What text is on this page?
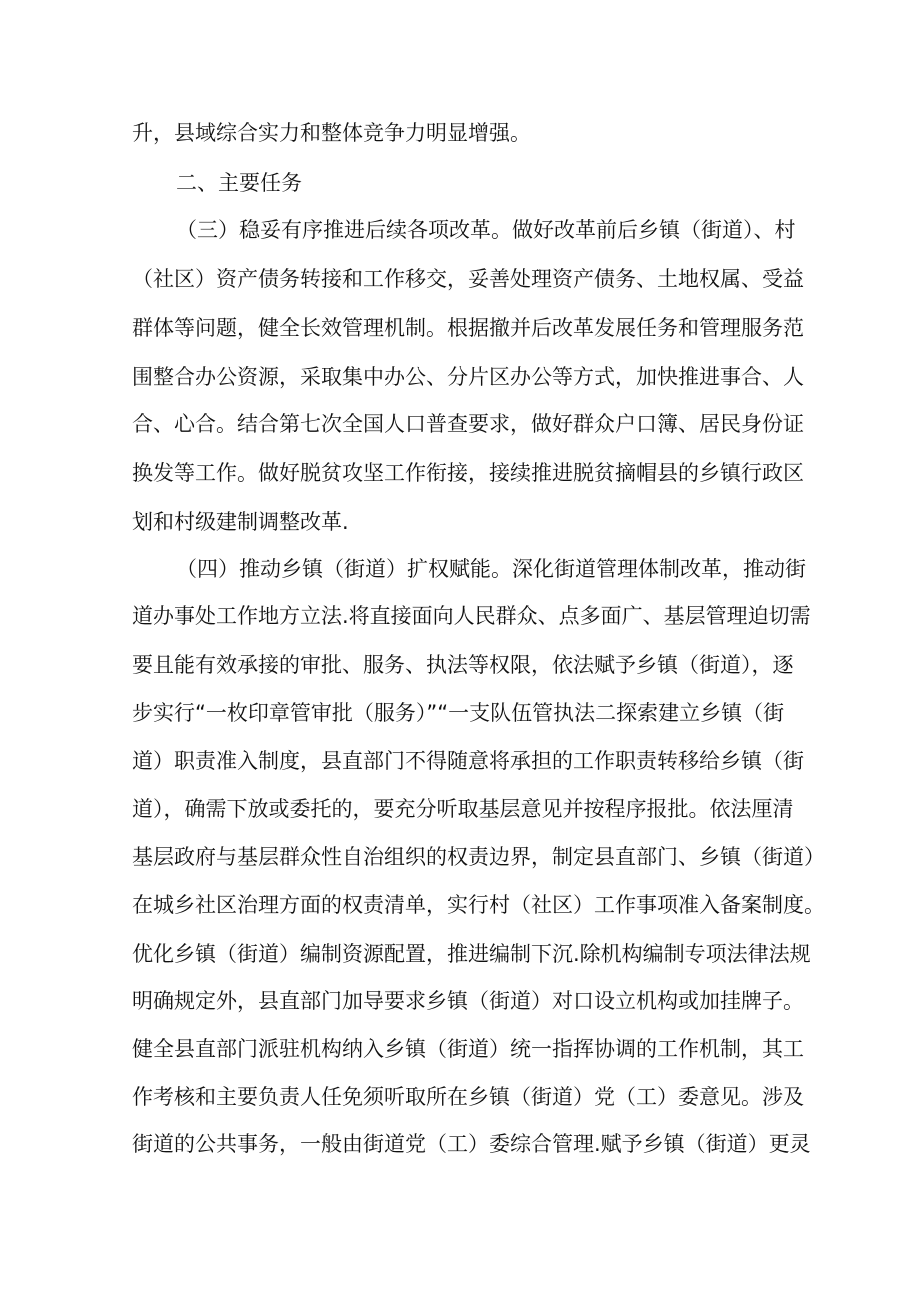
升，县域综合实力和整体竞争力明显增强。
二、主要任务
（三）稳妥有序推进后续各项改革。做好改革前后乡镇（街道）、村
（社区）资产债务转接和工作移交，妥善处理资产债务、土地权属、受益
群体等问题，健全长效管理机制。根据撤并后改革发展任务和管理服务范
围整合办公资源，采取集中办公、分片区办公等方式，加快推进事合、人
合、心合。结合第七次全国人口普查要求，做好群众户口簿、居民身份证
换发等工作。做好脱贫攻坚工作衔接，接续推进脱贫摘帽县的乡镇行政区
划和村级建制调整改革.
（四）推动乡镇（街道）扩权赋能。深化街道管理体制改革，推动街
道办事处工作地方立法.将直接面向人民群众、点多面广、基层管理迫切需
要且能有效承接的审批、服务、执法等权限，依法赋予乡镇（街道），逐
步实行“一枚印章管审批（服务）”“一支队伍管执法二探索建立乡镇（街
道）职责准入制度，县直部门不得随意将承担的工作职责转移给乡镇（街
道），确需下放或委托的，要充分听取基层意见并按程序报批。依法厘清
基层政府与基层群众性自治组织的权责边界，制定县直部门、乡镇（街道）
在城乡社区治理方面的权责清单，实行村（社区）工作事项准入备案制度。
优化乡镇（街道）编制资源配置，推进编制下沉.除机构编制专项法律法规
明确规定外，县直部门加导要求乡镇（街道）对口设立机构或加挂牌子。
健全县直部门派驻机构纳入乡镇（街道）统一指挥协调的工作机制，其工
作考核和主要负责人任免须听取所在乡镇（街道）党（工）委意见。涉及
街道的公共事务，一般由街道党（工）委综合管理.赋予乡镇（街道）更灵
